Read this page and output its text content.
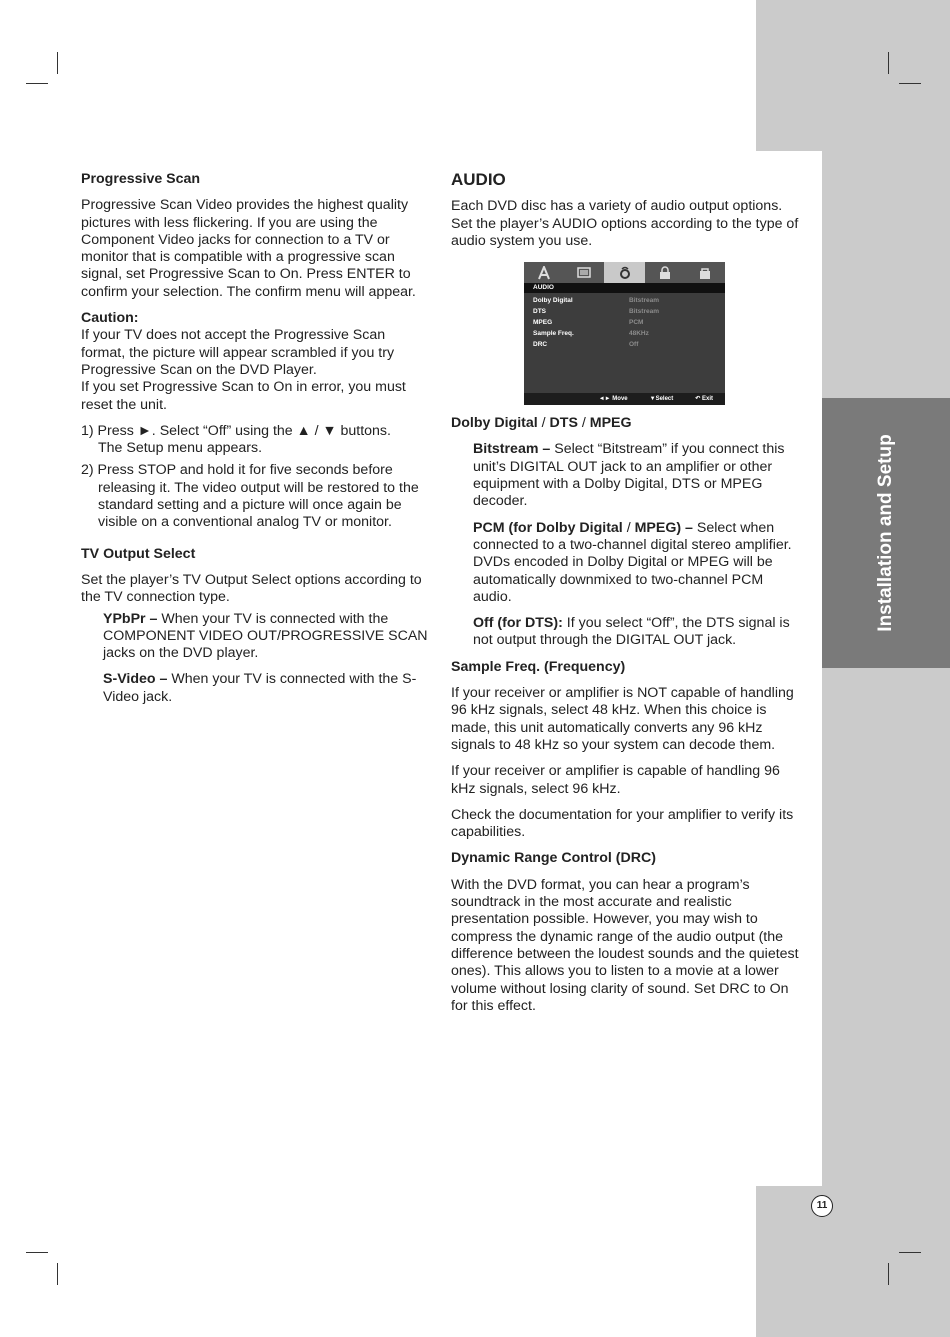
Installation and Setup
Progressive Scan

Progressive Scan Video provides the highest quality pictures with less flickering. If you are using the Component Video jacks for connection to a TV or monitor that is compatible with a progressive scan signal, set Progressive Scan to On. Press ENTER to confirm your selection. The confirm menu will appear.

Caution:
If your TV does not accept the Progressive Scan format, the picture will appear scrambled if you try Progressive Scan on the DVD Player.
If you set Progressive Scan to On in error, you must reset the unit.

1) Press ►. Select “Off” using the ▲ / ▼ buttons.
The Setup menu appears.
2) Press STOP and hold it for five seconds before releasing it. The video output will be restored to the standard setting and a picture will once again be visible on a conventional analog TV or monitor.
TV Output Select

Set the player’s TV Output Select options according to the TV connection type.

YPbPr – When your TV is connected with the COMPONENT VIDEO OUT/PROGRESSIVE SCAN jacks on the DVD player.

S-Video – When your TV is connected with the S-Video jack.

AUDIO

Each DVD disc has a variety of audio output options. Set the player’s AUDIO options according to the type of audio system you use.

AUDIO
Dolby Digital	Bitstream
DTS	Bitstream
MPEG	PCM
Sample Freq.	48KHz
DRC	Off
◄► Move	▼Select	↶ Exit
Dolby Digital / DTS / MPEG

Bitstream – Select “Bitstream” if you connect this unit’s DIGITAL OUT jack to an amplifier or other equipment with a Dolby Digital, DTS or MPEG decoder.

PCM (for Dolby Digital / MPEG) – Select when connected to a two-channel digital stereo amplifier. DVDs encoded in Dolby Digital or MPEG will be automatically downmixed to two-channel PCM audio.

Off (for DTS): If you select “Off”, the DTS signal is not output through the DIGITAL OUT jack.

Sample Freq. (Frequency)

If your receiver or amplifier is NOT capable of handling 96 kHz signals, select 48 kHz. When this choice is made, this unit automatically converts any 96 kHz signals to 48 kHz so your system can decode them.

If your receiver or amplifier is capable of handling 96 kHz signals, select 96 kHz.

Check the documentation for your amplifier to verify its capabilities.

Dynamic Range Control (DRC)

With the DVD format, you can hear a program’s soundtrack in the most accurate and realistic presentation possible. However, you may wish to compress the dynamic range of the audio output (the difference between the loudest sounds and the quietest ones). This allows you to listen to a movie at a lower volume without losing clarity of sound. Set DRC to On for this effect.

11
